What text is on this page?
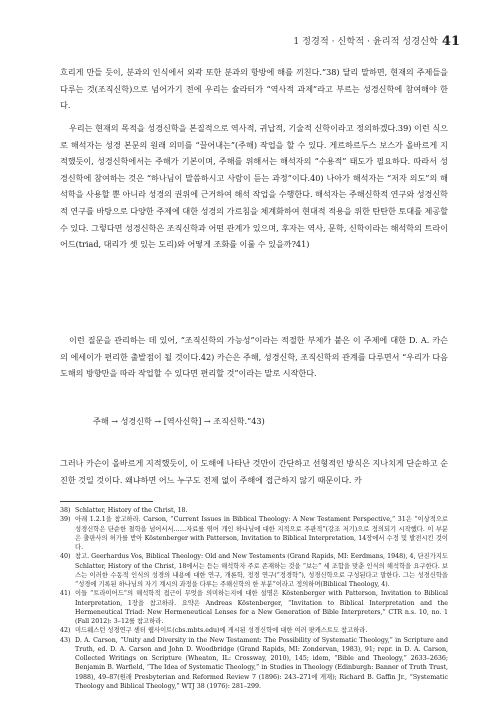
1 정경적 · 신학적 · 윤리적 성경신학 41

흐리게 만들 듯이, 분과의 인식에서 외곽 또한 분과의 항방에 해를 끼친다.”38) 달리 말하면, 현재의 주제들을 다루는 것(조직신학)으로 넘어가기 전에 우리는 슐라터가 “역사적 과제”라고 부르는 성경신학에 참여해야 한다.

우리는 현재의 목적을 성경신학을 본질적으로 역사적, 귀납적, 기술적 신학이라고 정의하겠다.39) 이런 식으로 해석자는 성경 본문의 원래 의미를 “끌어내는”(주해) 작업을 할 수 있다. 게르하르두스 보스가 올바르게 지적했듯이, 성경신학에서는 주해가 기본이며, 주해를 위해서는 해석자의 “수용적” 태도가 필요하다. 따라서 성경신학에 참여하는 것은 “하나님이 말씀하시고 사람이 듣는 과정”이다.40) 나아가 해석자는 “저자 의도”의 해석학을 사용할 뿐 아니라 성경의 권위에 근거하여 해석 작업을 수행한다. 해석자는 주해신학적 연구와 성경신학적 연구를 바탕으로 다양한 주제에 대한 성경의 가르침을 체계화하여 현대적 적용을 위한 탄탄한 토대를 제공할 수 있다. 그렇다면 성경신학은 조직신학과 어떤 관계가 있으며, 후자는 역사, 문학, 신학이라는 해석학의 트라이어드(triad, 대리가 셋 있는 도리)와 어떻게 조화를 이룰 수 있을까?41)

이런 질문을 관리하는 데 있어, “조직신학의 가능성”이라는 적절한 부제가 붙은 이 주제에 대한 D. A. 카슨의 에세이가 편리한 출발점이 될 것이다.42) 카슨은 주해, 성경신학, 조직신학의 관계를 다루면서 “우리가 다음 도해의 방향만을 따라 작업할 수 있다면 편리할 것”이라는 말로 시작한다.

주해 → 성경신학 → [역사신학] → 조직신학.”43)

그러나 카슨이 올바르게 지적했듯이, 이 도해에 나타난 것만이 간단하고 선형적인 방식은 지나치게 단순하고 순진한 것일 것이다. 왜냐하면 어느 누구도 전제 없이 주해에 접근하지 않기 때문이다. 카

38) Schlatter, History of the Christ, 18.
39) 아래 1.2.1을 참고하라. Carson, “Current Issues in Biblical Theology: A New Testament Perspective,” 31은 “이상적으로 성경신학은 단순한 철학을 넘어서서……자료를 엮어 개인 하나님에 대한 지적으로 주관적”(강조 저기)으로 정의되기 시작했다. 이 부분은 출판사의 허가를 받아 Köstenberger with Patterson, Invitation to Biblical Interpretation, 14장에서 수정 및 발전시킨 것이다.
40) 참고. Geerhardus Vos, Biblical Theology: Old and New Testaments (Grand Rapids, MI: Eerdmans, 1948), 4, 단진가지도 Schlatter, History of the Christ, 18에서는 듣는 해석학자 주로 존재하는 것을 “보는” 세 조합을 맞춘 인식의 해석학을 요구한다. 보스는 이러한 수동적 인식의 성경의 내용에 대한 연구, 개론학, 정경 연구(“정경학”), 성경신학으로 구성된다고 말한다. 그는 성경신학을 “성경에 기록된 하나님의 자기 계시의 과정을 다루는 주해신학의 한 부분”이라고 정의하며(Biblical Theology, 4).
41) 이들 “트라이어드”의 해석학적 접근이 무엇을 의미하는지에 대한 설명은 Köstenberger with Patterson, Invitation to Biblical Interpretation, 1장을 참고하라. 요약은 Andreas Köstenberger, “Invitation to Biblical Interpretation and the Hermeneutical Triad: New Hermeneutical Lenses for a New Generation of Bible Interpreters,” CTR n.s. 10, no. 1 (Fall 2012): 3–12를 참고하라.
42) 미드웨스턴 성경연구 센터 웹사이트(cbs.mbts.edu)에 게시된 성경신학에 대한 여러 팟캐스트도 참고하라.
43) D. A. Carson, “Unity and Diversity in the New Testament: The Possibility of Systematic Theology,” in Scripture and Truth, ed. D. A. Carson and John D. Woodbridge (Grand Rapids, MI: Zondervan, 1983), 91; repr. in D. A. Carson, Collected Writings on Scripture (Wheaton, IL: Crossway, 2010), 145; idem, “Bible and Theology,” 2633–2636; Benjamin B. Warfield, “The Idea of Systematic Theology,” in Studies in Theology (Edinburgh: Banner of Truth Trust, 1988), 49–87(원래 Presbyterian and Reformed Review 7 (1896): 243–271에 게재); Richard B. Gaffin Jr., “Systematic Theology and Biblical Theology,” WTJ 38 (1976): 281–299.
